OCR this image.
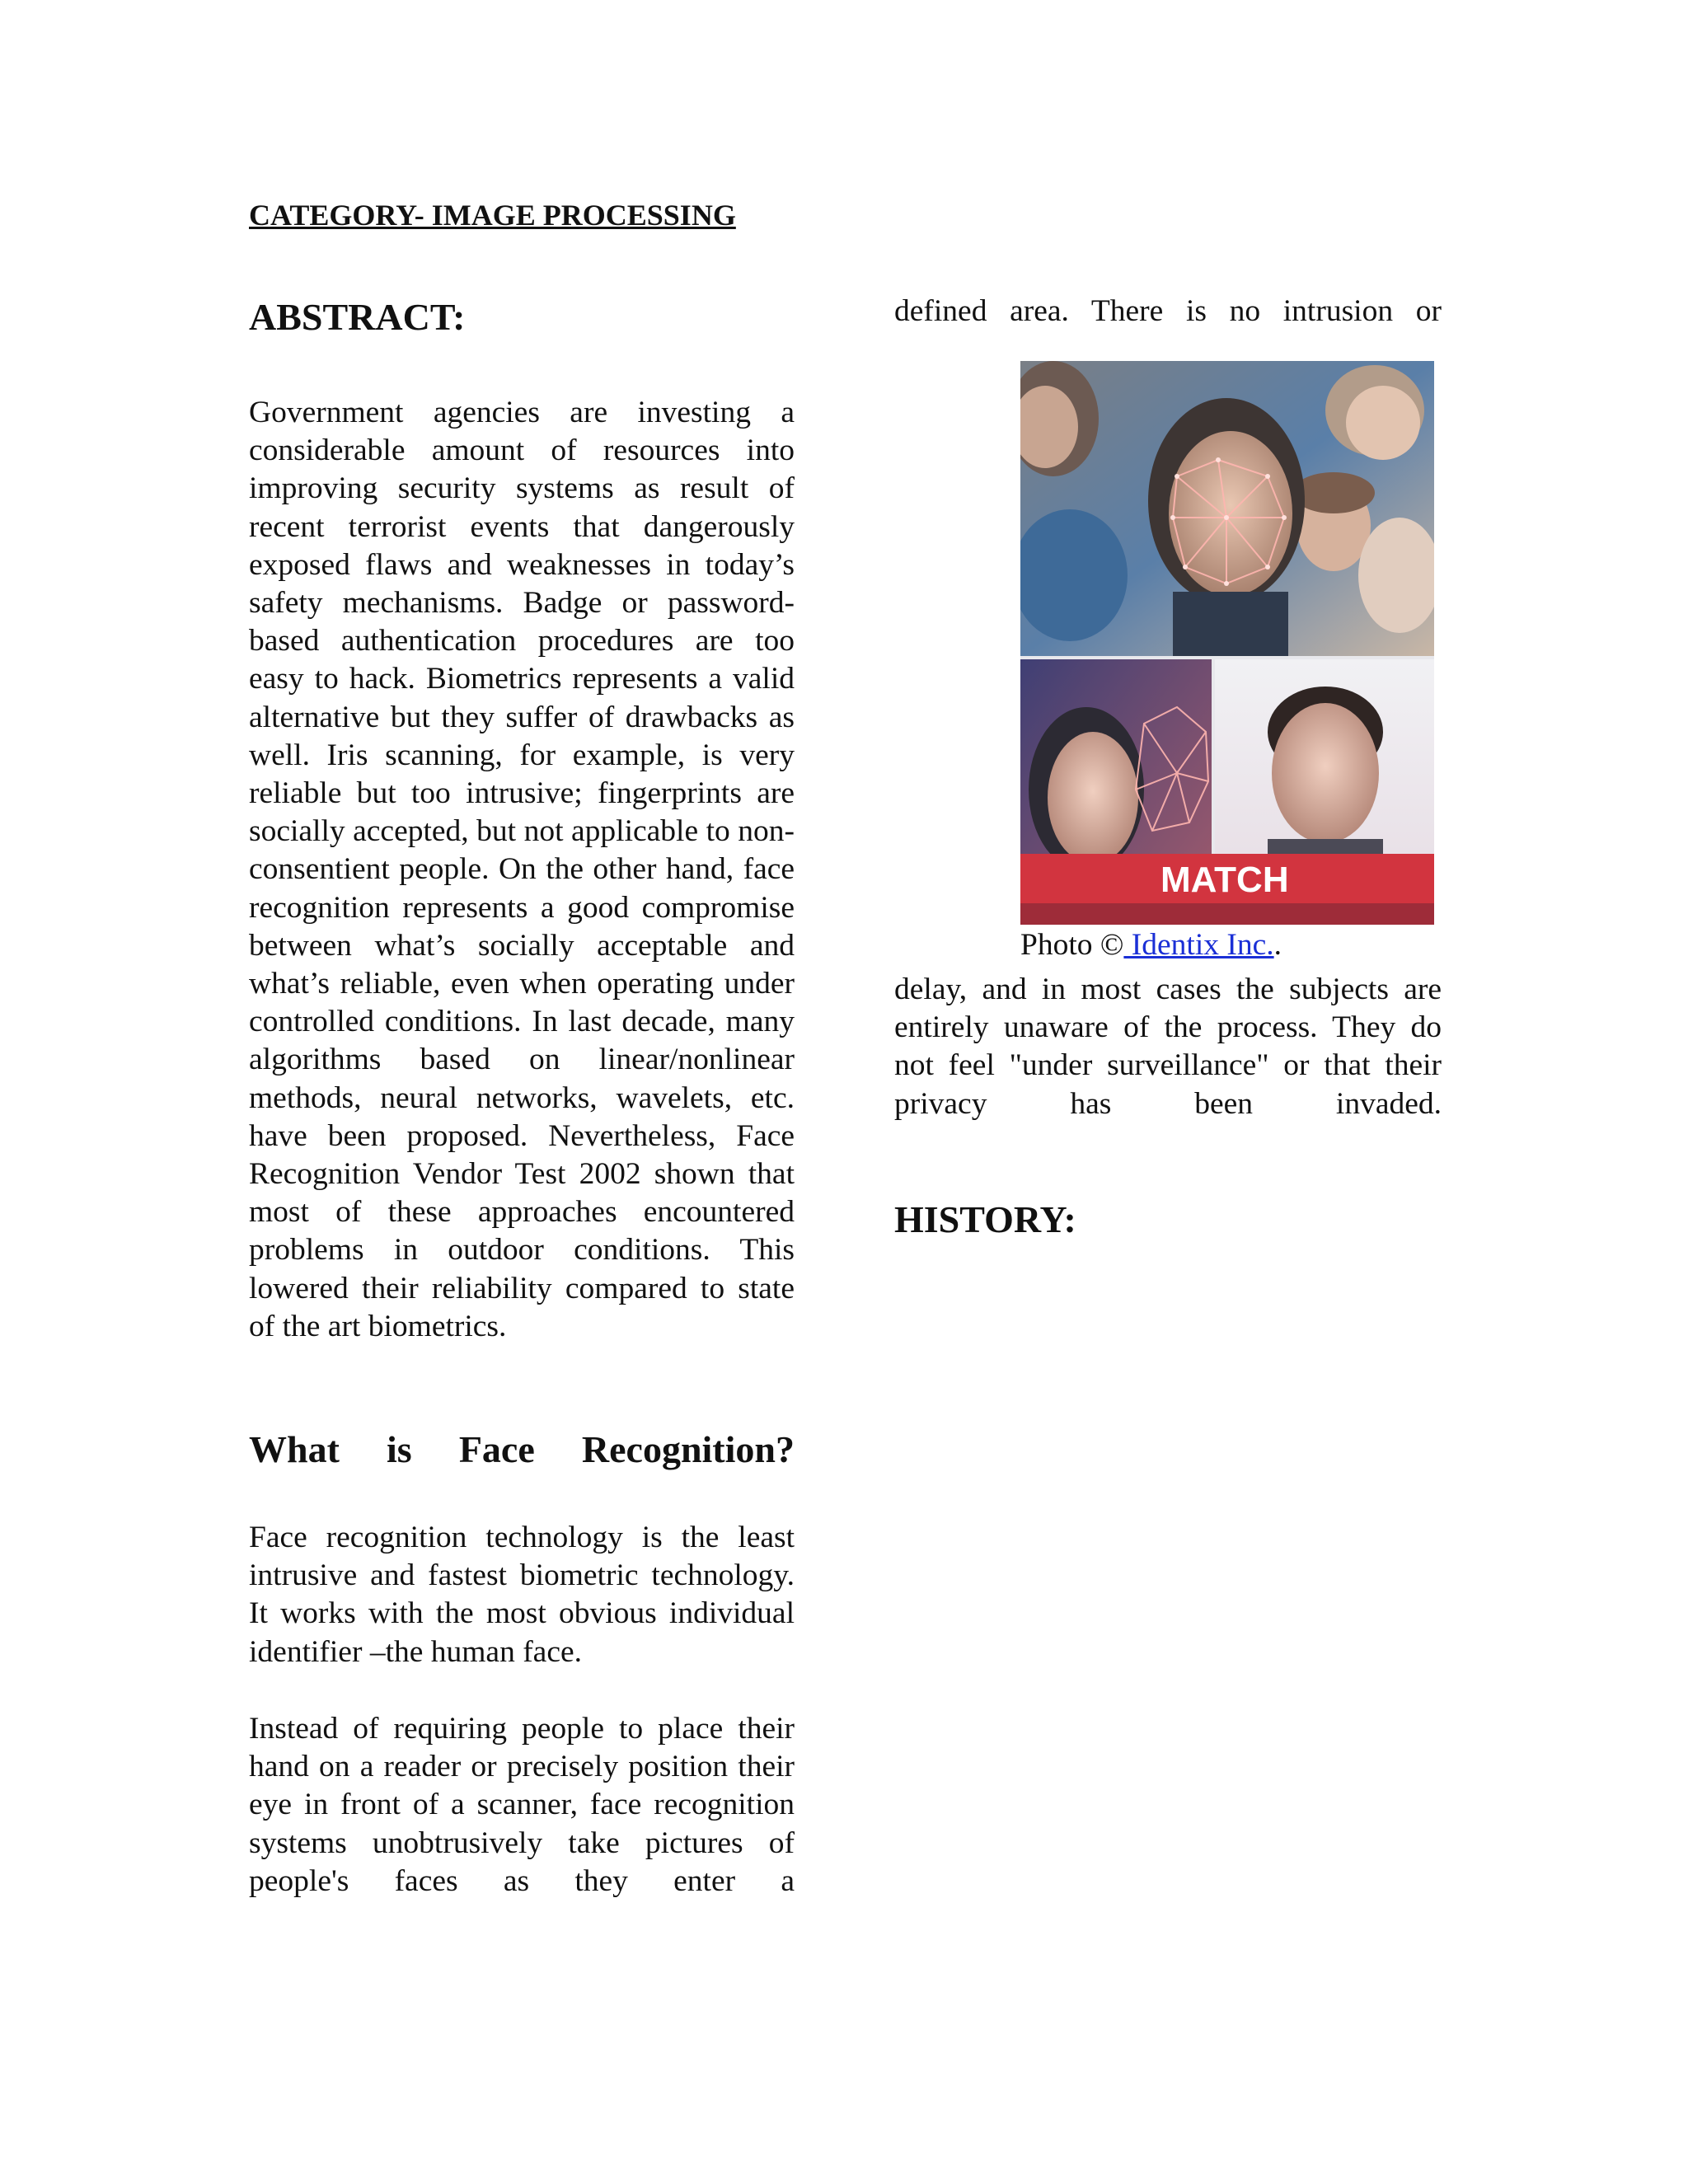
CATEGORY- IMAGE PROCESSING
ABSTRACT:

Government agencies are investing a considerable amount of resources into improving security systems as result of recent terrorist events that dangerously exposed flaws and weaknesses in today’s safety mechanisms. Badge or password-based authentication procedures are too easy to hack. Biometrics represents a valid alternative but they suffer of drawbacks as well. Iris scanning, for example, is very reliable but too intrusive; fingerprints are socially accepted, but not applicable to non-consentient people. On the other hand, face recognition represents a good compromise between what’s socially acceptable and what’s reliable, even when operating under controlled conditions. In last decade, many algorithms based on linear/nonlinear methods, neural networks, wavelets, etc. have been proposed. Nevertheless, Face Recognition Vendor Test 2002 shown that most of these approaches encountered problems in outdoor conditions. This lowered their reliability compared to state of the art biometrics.

What is Face Recognition?

Face recognition technology is the least intrusive and fastest biometric technology. It works with the most obvious individual identifier –the human face.

Instead of requiring people to place their hand on a reader or precisely position their eye in front of a scanner, face recognition systems unobtrusively take pictures of people's faces as they enter a

defined area. There is no intrusion or

MATCH
Photo © Identix Inc..

delay, and in most cases the subjects are entirely unaware of the process. They do not feel "under surveillance" or that their privacy has been invaded.

HISTORY:
